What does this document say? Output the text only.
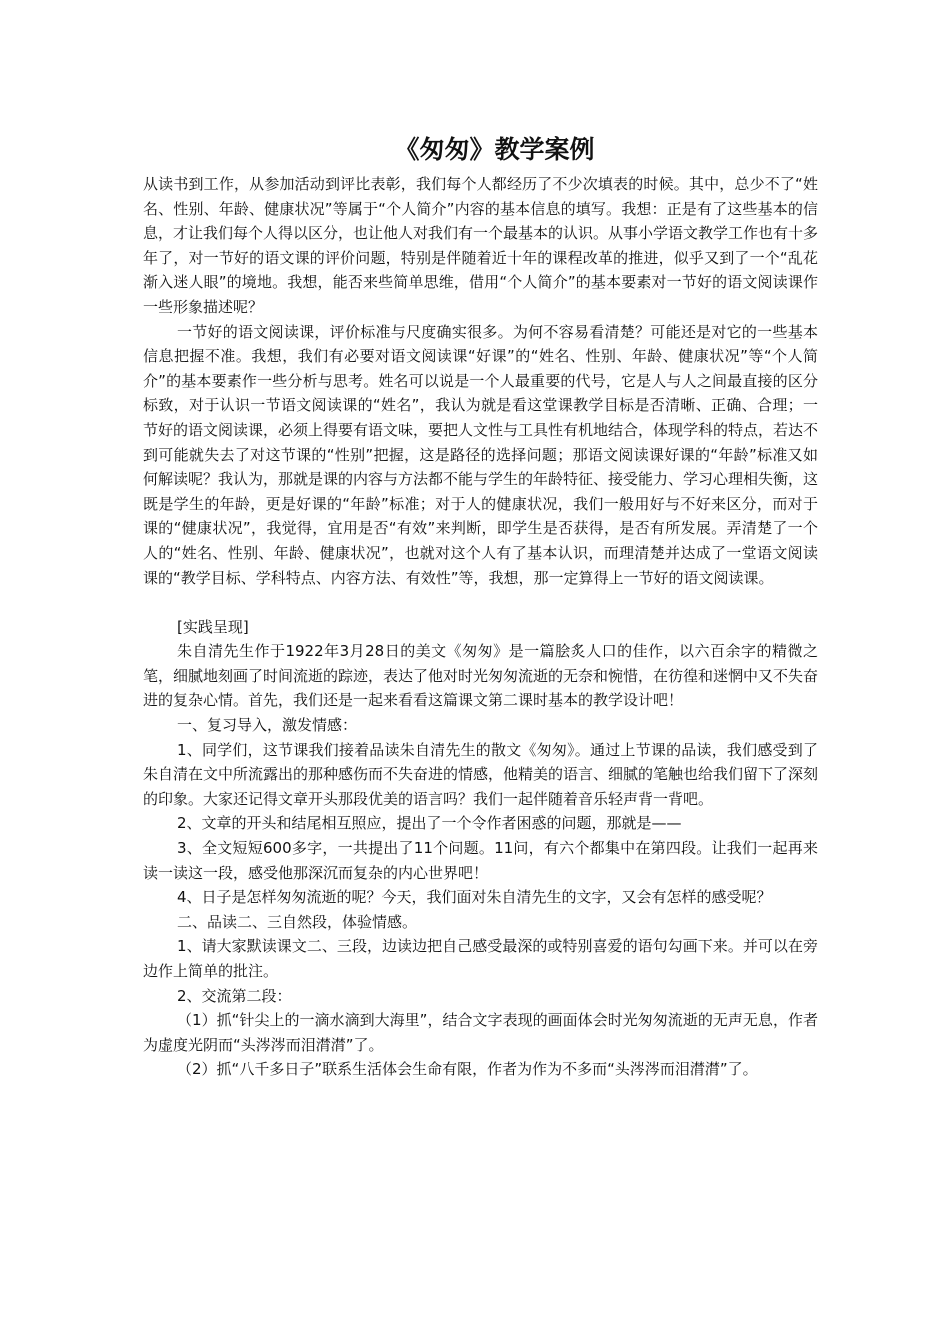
《匆匆》教学案例

从读书到工作，从参加活动到评比表彰，我们每个人都经历了不少次填表的时候。其中，总少不了“姓名、性别、年龄、健康状况”等属于“个人简介”内容的基本信息的填写。我想：正是有了这些基本的信息，才让我们每个人得以区分，也让他人对我们有一个最基本的认识。从事小学语文教学工作也有十多年了，对一节好的语文课的评价问题，特别是伴随着近十年的课程改革的推进，似乎又到了一个“乱花渐入迷人眼”的境地。我想，能否来些简单思维，借用“个人简介”的基本要素对一节好的语文阅读课作一些形象描述呢？

一节好的语文阅读课，评价标准与尺度确实很多。为何不容易看清楚？可能还是对它的一些基本信息把握不准。我想，我们有必要对语文阅读课“好课”的“姓名、性别、年龄、健康状况”等“个人简介”的基本要素作一些分析与思考。姓名可以说是一个人最重要的代号，它是人与人之间最直接的区分标致，对于认识一节语文阅读课的“姓名”，我认为就是看这堂课教学目标是否清晰、正确、合理；一节好的语文阅读课，必须上得要有语文味，要把人文性与工具性有机地结合，体现学科的特点，若达不到可能就失去了对这节课的“性别”把握，这是路径的选择问题；那语文阅读课好课的“年龄”标准又如何解读呢？我认为，那就是课的内容与方法都不能与学生的年龄特征、接受能力、学习心理相失衡，这既是学生的年龄，更是好课的“年龄”标准；对于人的健康状况，我们一般用好与不好来区分，而对于课的“健康状况”，我觉得，宜用是否“有效”来判断，即学生是否获得，是否有所发展。弄清楚了一个人的“姓名、性别、年龄、健康状况”，也就对这个人有了基本认识，而理清楚并达成了一堂语文阅读课的“教学目标、学科特点、内容方法、有效性”等，我想，那一定算得上一节好的语文阅读课。

[实践呈现]

朱自清先生作于1922年3月28日的美文《匆匆》是一篇脍炙人口的佳作，以六百余字的精微之笔，细腻地刻画了时间流逝的踪迹，表达了他对时光匆匆流逝的无奈和惋惜，在彷徨和迷惘中又不失奋进的复杂心情。首先，我们还是一起来看看这篇课文第二课时基本的教学设计吧！

一、复习导入，激发情感：

1、同学们，这节课我们接着品读朱自清先生的散文《匆匆》。通过上节课的品读，我们感受到了朱自清在文中所流露出的那种感伤而不失奋进的情感，他精美的语言、细腻的笔触也给我们留下了深刻的印象。大家还记得文章开头那段优美的语言吗？我们一起伴随着音乐轻声背一背吧。

2、文章的开头和结尾相互照应，提出了一个令作者困惑的问题，那就是——

3、全文短短600多字，一共提出了11个问题。11问，有六个都集中在第四段。让我们一起再来读一读这一段，感受他那深沉而复杂的内心世界吧！

4、日子是怎样匆匆流逝的呢？今天，我们面对朱自清先生的文字，又会有怎样的感受呢？

二、品读二、三自然段，体验情感。

1、请大家默读课文二、三段，边读边把自己感受最深的或特别喜爱的语句勾画下来。并可以在旁边作上简单的批注。

2、交流第二段：

（1）抓“针尖上的一滴水滴到大海里”，结合文字表现的画面体会时光匆匆流逝的无声无息，作者为虚度光阴而“头涔涔而泪潸潸”了。

（2）抓“八千多日子”联系生活体会生命有限，作者为作为不多而“头涔涔而泪潸潸”了。
